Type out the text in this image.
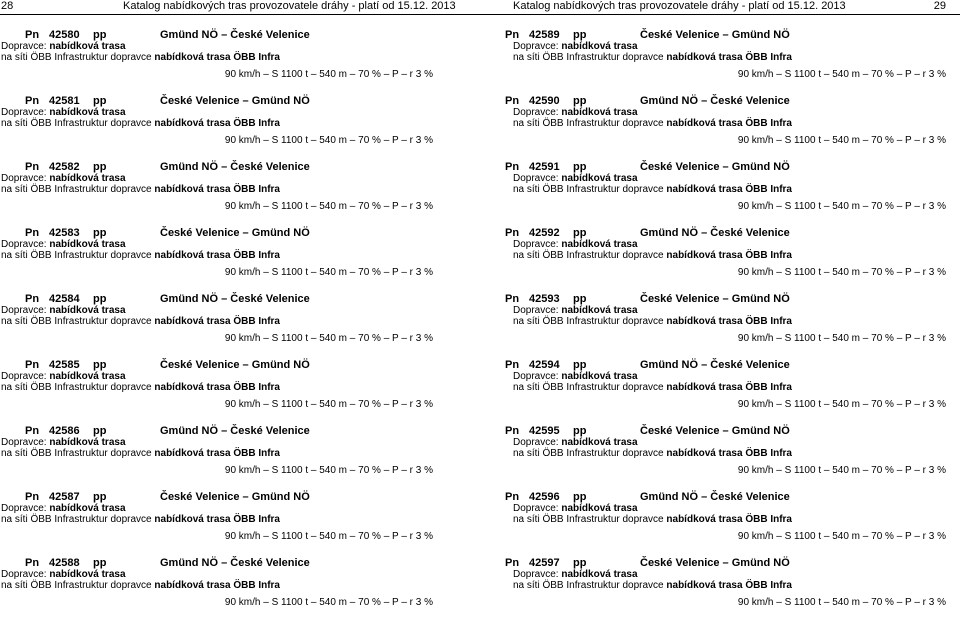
28	Katalog nabídkových tras provozovatele dráhy - platí od 15.12. 2013
Pn 42580 pp	Gmünd NÖ – České Velenice
Dopravce: nabídková trasa
na síti ÖBB Infrastruktur dopravce nabídková trasa ÖBB Infra
90 km/h – S 1100 t – 540 m – 70 % – P – r 3 %
Pn 42581 pp	České Velenice – Gmünd NÖ
Dopravce: nabídková trasa
na síti ÖBB Infrastruktur dopravce nabídková trasa ÖBB Infra
90 km/h – S 1100 t – 540 m – 70 % – P – r 3 %
Pn 42582 pp	Gmünd NÖ – České Velenice
Dopravce: nabídková trasa
na síti ÖBB Infrastruktur dopravce nabídková trasa ÖBB Infra
90 km/h – S 1100 t – 540 m – 70 % – P – r 3 %
Pn 42583 pp	České Velenice – Gmünd NÖ
Dopravce: nabídková trasa
na síti ÖBB Infrastruktur dopravce nabídková trasa ÖBB Infra
90 km/h – S 1100 t – 540 m – 70 % – P – r 3 %
Pn 42584 pp	Gmünd NÖ – České Velenice
Dopravce: nabídková trasa
na síti ÖBB Infrastruktur dopravce nabídková trasa ÖBB Infra
90 km/h – S 1100 t – 540 m – 70 % – P – r 3 %
Pn 42585 pp	České Velenice – Gmünd NÖ
Dopravce: nabídková trasa
na síti ÖBB Infrastruktur dopravce nabídková trasa ÖBB Infra
90 km/h – S 1100 t – 540 m – 70 % – P – r 3 %
Pn 42586 pp	Gmünd NÖ – České Velenice
Dopravce: nabídková trasa
na síti ÖBB Infrastruktur dopravce nabídková trasa ÖBB Infra
90 km/h – S 1100 t – 540 m – 70 % – P – r 3 %
Pn 42587 pp	České Velenice – Gmünd NÖ
Dopravce: nabídková trasa
na síti ÖBB Infrastruktur dopravce nabídková trasa ÖBB Infra
90 km/h – S 1100 t – 540 m – 70 % – P – r 3 %
Pn 42588 pp	Gmünd NÖ – České Velenice
Dopravce: nabídková trasa
na síti ÖBB Infrastruktur dopravce nabídková trasa ÖBB Infra
90 km/h – S 1100 t – 540 m – 70 % – P – r 3 %
Katalog nabídkových tras provozovatele dráhy - platí od 15.12. 2013	29
Pn 42589 pp	České Velenice – Gmünd NÖ
Dopravce: nabídková trasa
na síti ÖBB Infrastruktur dopravce nabídková trasa ÖBB Infra
90 km/h – S 1100 t – 540 m – 70 % – P – r 3 %
Pn 42590 pp	Gmünd NÖ – České Velenice
Dopravce: nabídková trasa
na síti ÖBB Infrastruktur dopravce nabídková trasa ÖBB Infra
90 km/h – S 1100 t – 540 m – 70 % – P – r 3 %
Pn 42591 pp	České Velenice – Gmünd NÖ
Dopravce: nabídková trasa
na síti ÖBB Infrastruktur dopravce nabídková trasa ÖBB Infra
90 km/h – S 1100 t – 540 m – 70 % – P – r 3 %
Pn 42592 pp	Gmünd NÖ – České Velenice
Dopravce: nabídková trasa
na síti ÖBB Infrastruktur dopravce nabídková trasa ÖBB Infra
90 km/h – S 1100 t – 540 m – 70 % – P – r 3 %
Pn 42593 pp	České Velenice – Gmünd NÖ
Dopravce: nabídková trasa
na síti ÖBB Infrastruktur dopravce nabídková trasa ÖBB Infra
90 km/h – S 1100 t – 540 m – 70 % – P – r 3 %
Pn 42594 pp	Gmünd NÖ – České Velenice
Dopravce: nabídková trasa
na síti ÖBB Infrastruktur dopravce nabídková trasa ÖBB Infra
90 km/h – S 1100 t – 540 m – 70 % – P – r 3 %
Pn 42595 pp	České Velenice – Gmünd NÖ
Dopravce: nabídková trasa
na síti ÖBB Infrastruktur dopravce nabídková trasa ÖBB Infra
90 km/h – S 1100 t – 540 m – 70 % – P – r 3 %
Pn 42596 pp	Gmünd NÖ – České Velenice
Dopravce: nabídková trasa
na síti ÖBB Infrastruktur dopravce nabídková trasa ÖBB Infra
90 km/h – S 1100 t – 540 m – 70 % – P – r 3 %
Pn 42597 pp	České Velenice – Gmünd NÖ
Dopravce: nabídková trasa
na síti ÖBB Infrastruktur dopravce nabídková trasa ÖBB Infra
90 km/h – S 1100 t – 540 m – 70 % – P – r 3 %
